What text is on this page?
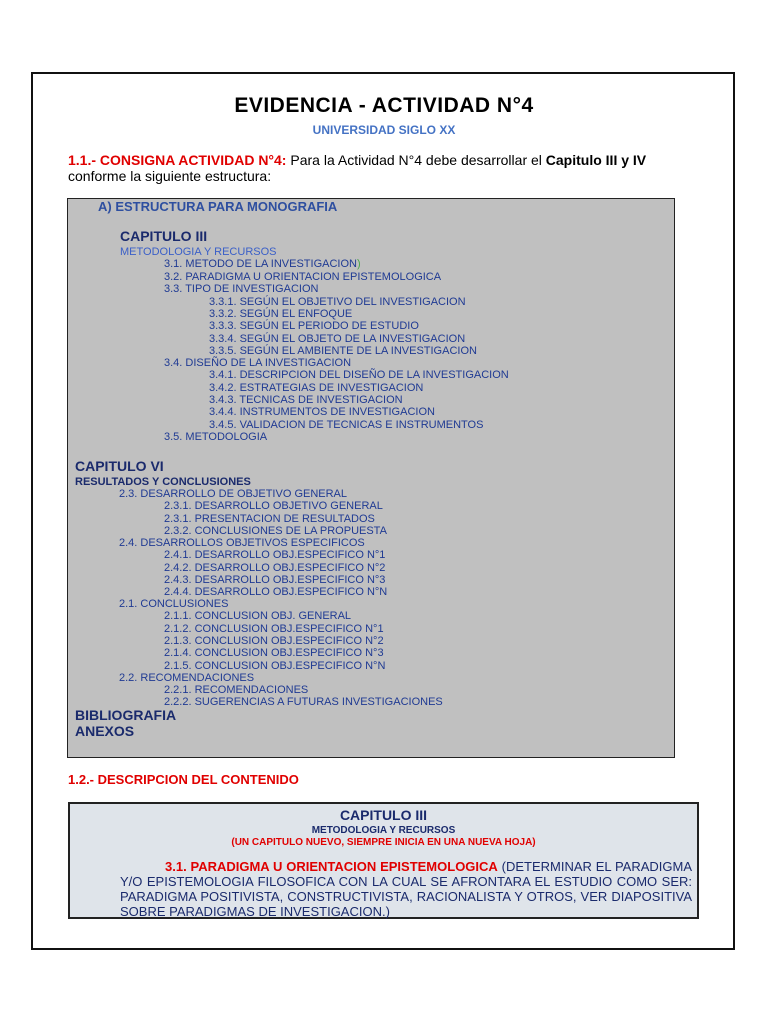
EVIDENCIA - ACTIVIDAD N°4
UNIVERSIDAD SIGLO XX
1.1.- CONSIGNA ACTIVIDAD N°4: Para la Actividad N°4 debe desarrollar el Capitulo III y IV conforme la siguiente estructura:
A) ESTRUCTURA PARA MONOGRAFIA
CAPITULO III
METODOLOGIA Y RECURSOS
3.1. METODO DE LA INVESTIGACION)
3.2. PARADIGMA U ORIENTACION EPISTEMOLOGICA
3.3. TIPO DE INVESTIGACION
3.3.1. SEGÚN EL OBJETIVO DEL INVESTIGACION
3.3.2. SEGÚN EL ENFOQUE
3.3.3. SEGÚN EL PERIODO DE ESTUDIO
3.3.4. SEGÚN EL OBJETO DE LA INVESTIGACION
3.3.5. SEGÚN EL AMBIENTE DE LA INVESTIGACION
3.4. DISEÑO DE LA INVESTIGACION
3.4.1. DESCRIPCION DEL DISEÑO DE LA INVESTIGACION
3.4.2. ESTRATEGIAS DE INVESTIGACION
3.4.3. TECNICAS DE INVESTIGACION
3.4.4. INSTRUMENTOS DE INVESTIGACION
3.4.5. VALIDACION DE TECNICAS E INSTRUMENTOS
3.5. METODOLOGIA
CAPITULO VI
RESULTADOS Y CONCLUSIONES
2.3. DESARROLLO DE OBJETIVO GENERAL
2.3.1. DESARROLLO OBJETIVO GENERAL
2.3.1. PRESENTACION DE RESULTADOS
2.3.2. CONCLUSIONES DE LA PROPUESTA
2.4. DESARROLLOS OBJETIVOS ESPECIFICOS
2.4.1. DESARROLLO OBJ.ESPECIFICO N°1
2.4.2. DESARROLLO OBJ.ESPECIFICO N°2
2.4.3. DESARROLLO OBJ.ESPECIFICO N°3
2.4.4. DESARROLLO OBJ.ESPECIFICO N°N
2.1. CONCLUSIONES
2.1.1. CONCLUSION OBJ. GENERAL
2.1.2. CONCLUSION OBJ.ESPECIFICO N°1
2.1.3. CONCLUSION OBJ.ESPECIFICO N°2
2.1.4. CONCLUSION OBJ.ESPECIFICO N°3
2.1.5. CONCLUSION OBJ.ESPECIFICO N°N
2.2. RECOMENDACIONES
2.2.1. RECOMENDACIONES
2.2.2. SUGERENCIAS A FUTURAS INVESTIGACIONES
BIBLIOGRAFIA
ANEXOS
1.2.- DESCRIPCION DEL CONTENIDO
CAPITULO III
METODOLOGIA Y RECURSOS
(UN CAPITULO NUEVO, SIEMPRE INICIA EN UNA NUEVA HOJA)
3.1. PARADIGMA U ORIENTACION EPISTEMOLOGICA (DETERMINAR EL PARADIGMA Y/O EPISTEMOLOGIA FILOSOFICA CON LA CUAL SE AFRONTARA EL ESTUDIO COMO SER: PARADIGMA POSITIVISTA, CONSTRUCTIVISTA, RACIONALISTA Y OTROS, VER DIAPOSITIVA SOBRE PARADIGMAS DE INVESTIGACION.)
